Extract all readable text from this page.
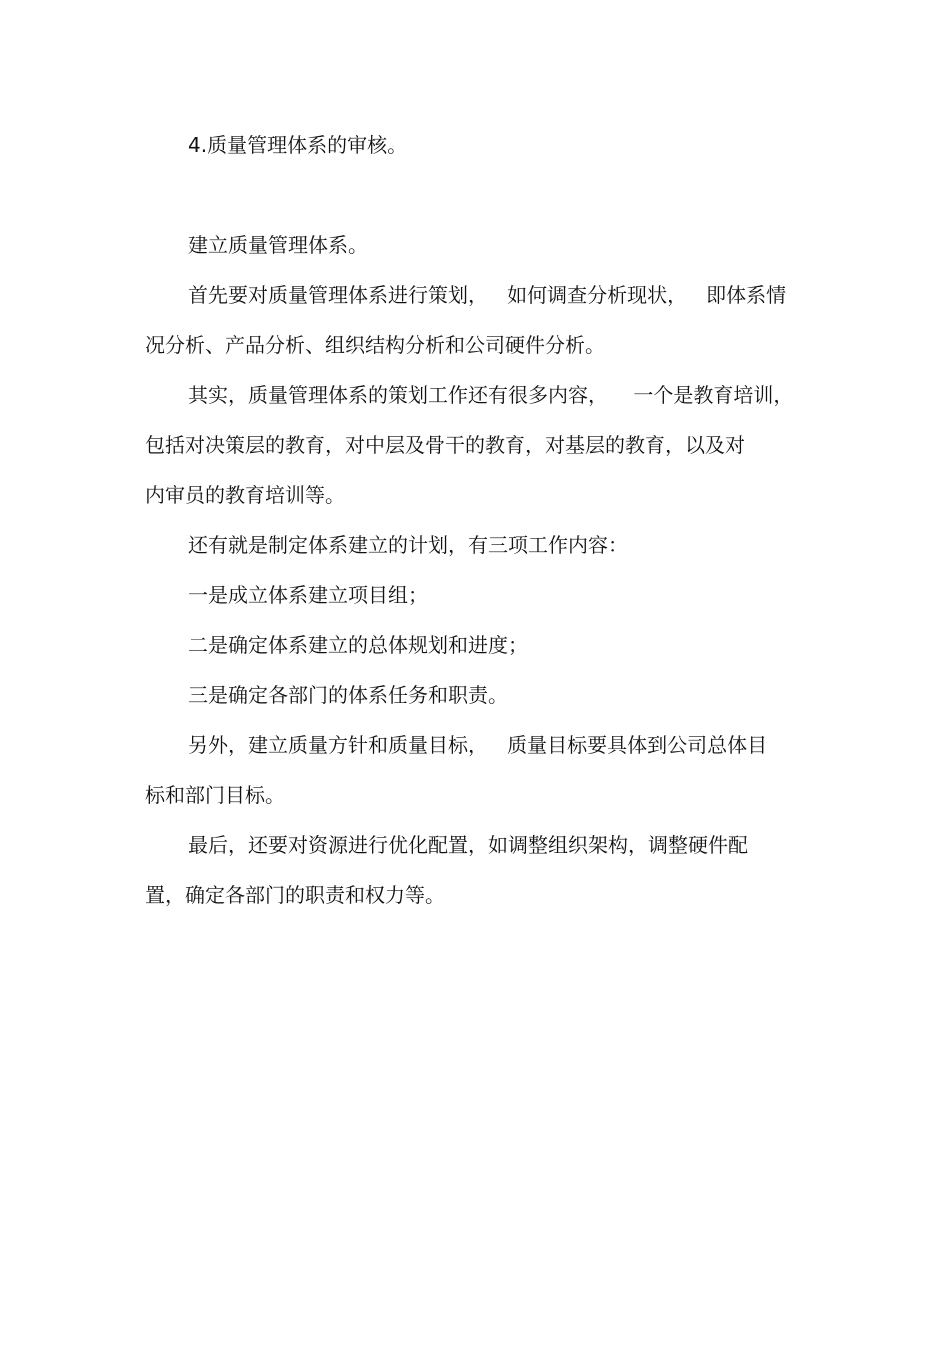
4.质量管理体系的审核。

建立质量管理体系。

首先要对质量管理体系进行策划，   如何调查分析现状，   即体系情

况分析、产品分析、组织结构分析和公司硬件分析。

其实，质量管理体系的策划工作还有很多内容，    一个是教育培训，

包括对决策层的教育，对中层及骨干的教育，对基层的教育，以及对

内审员的教育培训等。

还有就是制定体系建立的计划，有三项工作内容：

一是成立体系建立项目组；

二是确定体系建立的总体规划和进度；

三是确定各部门的体系任务和职责。

另外，建立质量方针和质量目标，   质量目标要具体到公司总体目

标和部门目标。

最后，还要对资源进行优化配置，如调整组织架构，调整硬件配

置，确定各部门的职责和权力等。
